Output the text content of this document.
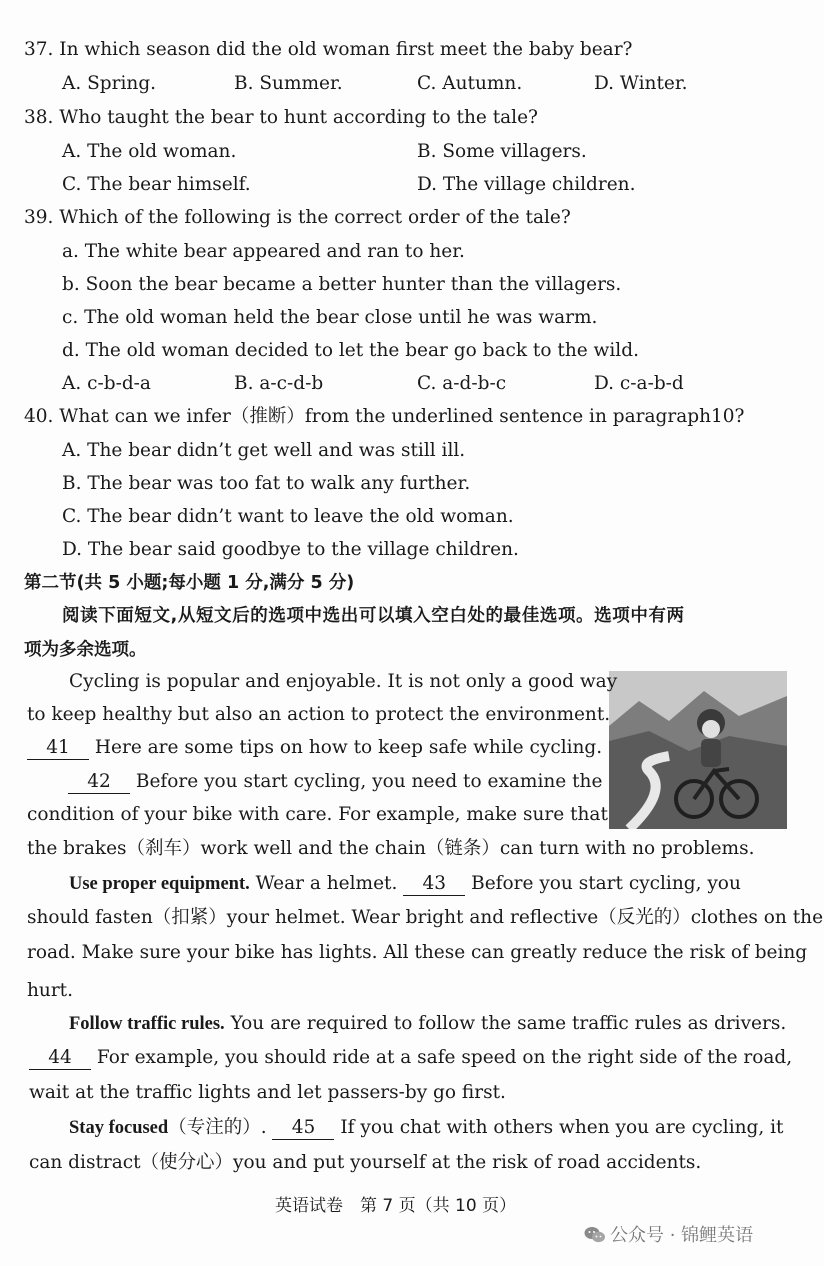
37. In which season did the old woman first meet the baby bear?
A. Spring.	B. Summer.	C. Autumn.	D. Winter.
38. Who taught the bear to hunt according to the tale?
A. The old woman.	B. Some villagers.
C. The bear himself.	D. The village children.
39. Which of the following is the correct order of the tale?
a. The white bear appeared and ran to her.
b. Soon the bear became a better hunter than the villagers.
c. The old woman held the bear close until he was warm.
d. The old woman decided to let the bear go back to the wild.
A. c-b-d-a	B. a-c-d-b	C. a-d-b-c	D. c-a-b-d
40. What can we infer（推断）from the underlined sentence in paragraph10?
A. The bear didn’t get well and was still ill.
B. The bear was too fat to walk any further.
C. The bear didn’t want to leave the old woman.
D. The bear said goodbye to the village children.
第二节(共 5 小题;每小题 1 分,满分 5 分)
阅读下面短文,从短文后的选项中选出可以填入空白处的最佳选项。选项中有两
项为多余选项。
Cycling is popular and enjoyable. It is not only a good way
to keep healthy but also an action to protect the environment.
41 Here are some tips on how to keep safe while cycling.
42 Before you start cycling, you need to examine the
condition of your bike with care. For example, make sure that
the brakes（刹车）work well and the chain（链条）can turn with no problems.
Use proper equipment. Wear a helmet. 43 Before you start cycling, you
should fasten（扣紧）your helmet. Wear bright and reflective（反光的）clothes on the
road. Make sure your bike has lights. All these can greatly reduce the risk of being
hurt.
Follow traffic rules. You are required to follow the same traffic rules as drivers.
44 For example, you should ride at a safe speed on the right side of the road,
wait at the traffic lights and let passers-by go first.
Stay focused（专注的）. 45 If you chat with others when you are cycling, it
can distract（使分心）you and put yourself at the risk of road accidents.
英语试卷　第 7 页（共 10 页）
公众号 · 锦鲤英语
